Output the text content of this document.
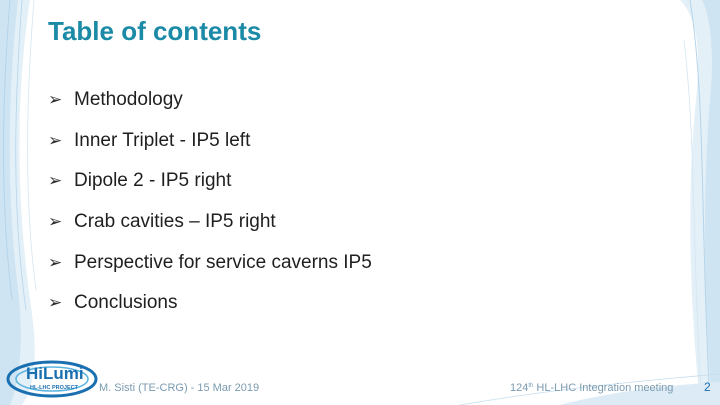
Table of contents
➢ Methodology
➢ Inner Triplet - IP5 left
➢ Dipole 2 - IP5 right
➢ Crab cavities – IP5 right
➢ Perspective for service caverns IP5
➢ Conclusions
HiLumi
HL-LHC PROJECT M. Sisti (TE-CRG) - 15 Mar 2019	124th HL-LHC Integration meeting	2
